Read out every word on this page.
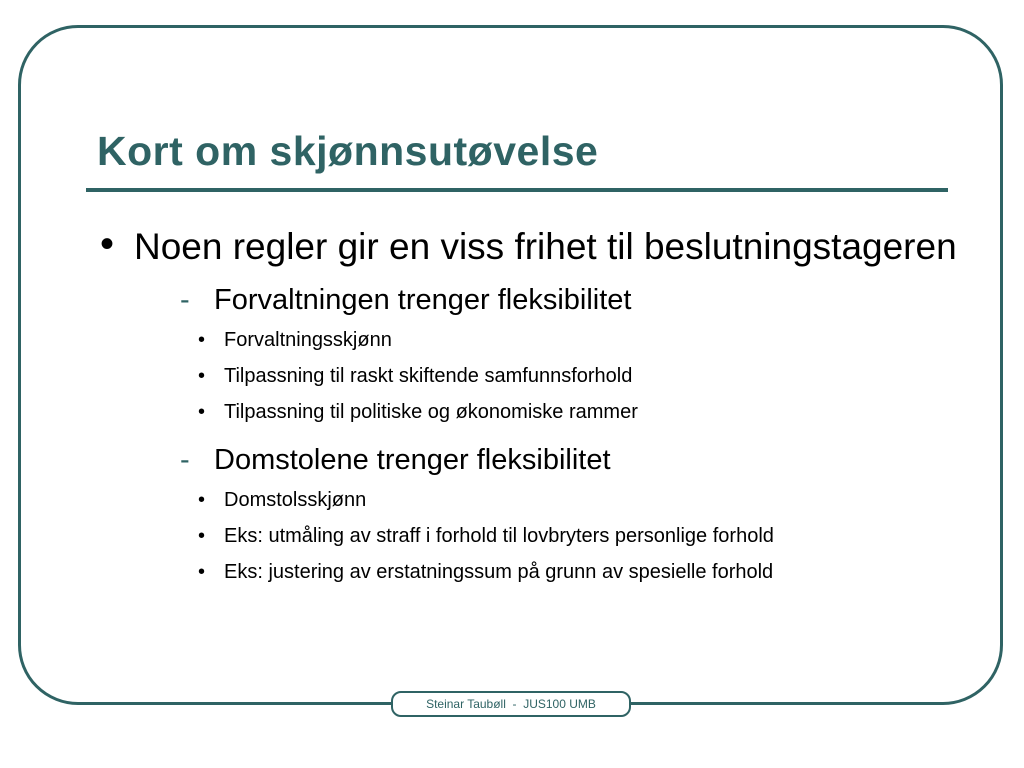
Kort om skjønnsutøvelse
• Noen regler gir en viss frihet til beslutningstageren
- Forvaltningen trenger fleksibilitet
• Forvaltningsskjønn
• Tilpassning til raskt skiftende samfunnsforhold
• Tilpassning til politiske og økonomiske rammer
- Domstolene trenger fleksibilitet
• Domstolsskjønn
• Eks: utmåling av straff i forhold til lovbryters personlige forhold
• Eks: justering av erstatningssum på grunn av spesielle forhold
Steinar Taubøll  -  JUS100 UMB
